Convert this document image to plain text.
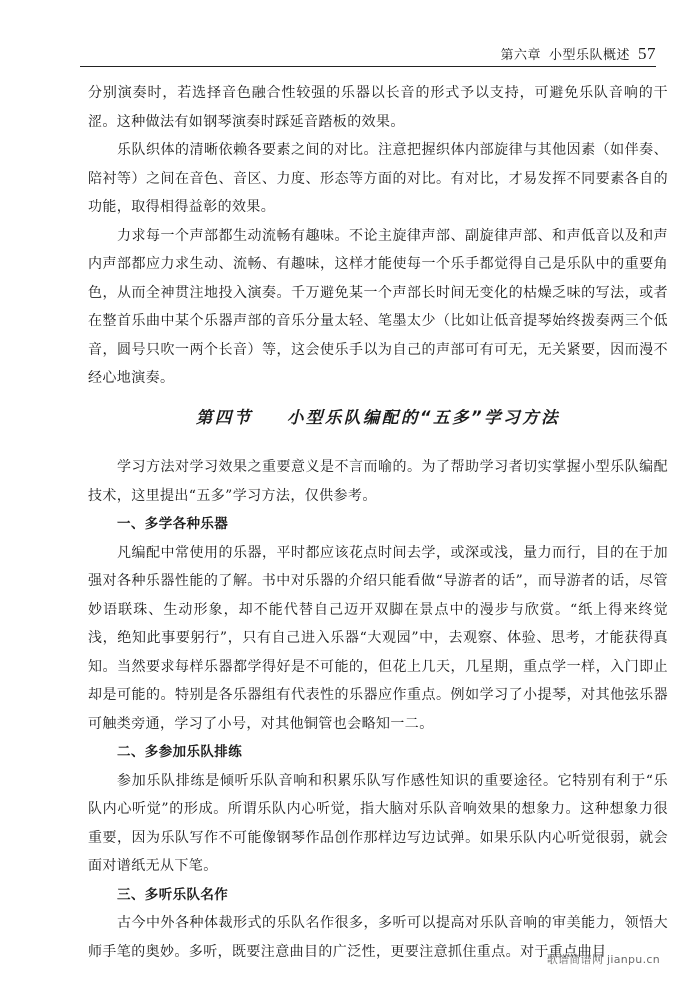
第六章 小型乐队概述 57

分别演奏时，若选择音色融合性较强的乐器以长音的形式予以支持，可避免乐队音响的干涩。这种做法有如钢琴演奏时踩延音踏板的效果。

乐队织体的清晰依赖各要素之间的对比。注意把握织体内部旋律与其他因素（如伴奏、陪衬等）之间在音色、音区、力度、形态等方面的对比。有对比，才易发挥不同要素各自的功能，取得相得益彰的效果。

力求每一个声部都生动流畅有趣味。不论主旋律声部、副旋律声部、和声低音以及和声内声部都应力求生动、流畅、有趣味，这样才能使每一个乐手都觉得自己是乐队中的重要角色，从而全神贯注地投入演奏。千万避免某一个声部长时间无变化的枯燥乏味的写法，或者在整首乐曲中某个乐器声部的音乐分量太轻、笔墨太少（比如让低音提琴始终拨奏两三个低音，圆号只吹一两个长音）等，这会使乐手以为自己的声部可有可无，无关紧要，因而漫不经心地演奏。

第四节 小型乐队编配的“五多”学习方法

学习方法对学习效果之重要意义是不言而喻的。为了帮助学习者切实掌握小型乐队编配技术，这里提出“五多”学习方法，仅供参考。

一、多学各种乐器

凡编配中常使用的乐器，平时都应该花点时间去学，或深或浅，量力而行，目的在于加强对各种乐器性能的了解。书中对乐器的介绍只能看做“导游者的话”，而导游者的话，尽管妙语联珠、生动形象，却不能代替自己迈开双脚在景点中的漫步与欣赏。“纸上得来终觉浅，绝知此事要躬行”，只有自己进入乐器“大观园”中，去观察、体验、思考，才能获得真知。当然要求每样乐器都学得好是不可能的，但花上几天，几星期，重点学一样，入门即止却是可能的。特别是各乐器组有代表性的乐器应作重点。例如学习了小提琴，对其他弦乐器可触类旁通，学习了小号，对其他铜管也会略知一二。

二、多参加乐队排练

参加乐队排练是倾听乐队音响和积累乐队写作感性知识的重要途径。它特别有利于“乐队内心听觉”的形成。所谓乐队内心听觉，指大脑对乐队音响效果的想象力。这种想象力很重要，因为乐队写作不可能像钢琴作品创作那样边写边试弹。如果乐队内心听觉很弱，就会面对谱纸无从下笔。

三、多听乐队名作

古今中外各种体裁形式的乐队名作很多，多听可以提高对乐队音响的审美能力，领悟大师手笔的奥妙。多听，既要注意曲目的广泛性，更要注意抓住重点。对于重点曲目

歌谱简谱网 jianpu.cn
